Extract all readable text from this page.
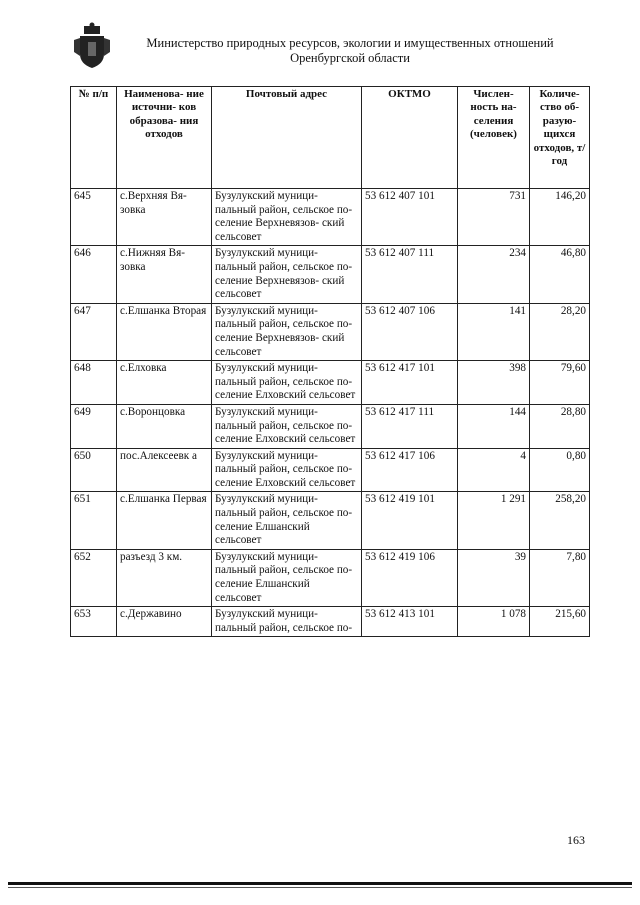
Министерство природных ресурсов, экологии и имущественных отношений
Оренбургской области
№ п/п	Наименова- ние источни- ков образова- ния отходов	Почтовый адрес	ОКТМО	Числен- ность на- селения (человек)	Количе- ство об- разую- щихся отходов, т/год
645	с.Верхняя Вя- зовка	Бузулукский муници- пальный район, сельское по- селение Верхневязов- ский сельсовет	53 612 407 101	731	146,20
646	с.Нижняя Вя- зовка	Бузулукский муници- пальный район, сельское по- селение Верхневязов- ский сельсовет	53 612 407 111	234	46,80
647	с.Елшанка Вторая	Бузулукский муници- пальный район, сельское по- селение Верхневязов- ский сельсовет	53 612 407 106	141	28,20
648	с.Елховка	Бузулукский муници- пальный район, сельское по- селение Елховский сельсовет	53 612 417 101	398	79,60
649	с.Воронцовка	Бузулукский муници- пальный район, сельское по- селение Елховский сельсовет	53 612 417 111	144	28,80
650	пос.Алексеевк а	Бузулукский муници- пальный район, сельское по- селение Елховский сельсовет	53 612 417 106	4	0,80
651	с.Елшанка Первая	Бузулукский муници- пальный район, сельское по- селение Елшанский сельсовет	53 612 419 101	1 291	258,20
652	разъезд 3 км.	Бузулукский муници- пальный район, сельское по- селение Елшанский сельсовет	53 612 419 106	39	7,80
653	с.Державино	Бузулукский муници- пальный район, сельское по-	53 612 413 101	1 078	215,60
163
